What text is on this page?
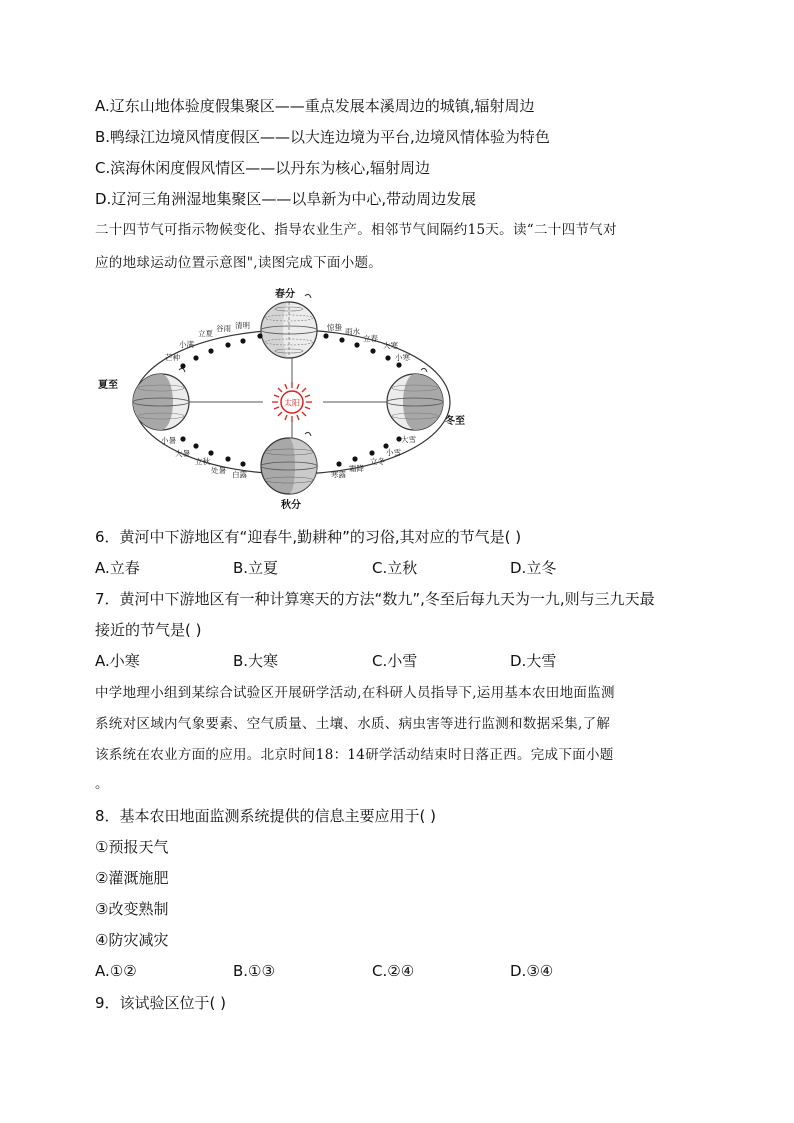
A.辽东山地体验度假集聚区——重点发展本溪周边的城镇,辐射周边
B.鸭绿江边境风情度假区——以大连边境为平台,边境风情体验为特色
C.滨海休闲度假风情区——以丹东为核心,辐射周边
D.辽河三角洲湿地集聚区——以阜新为中心,带动周边发展
二十四节气可指示物候变化、指导农业生产。相邻节气间隔约15天。读“二十四节气对
应的地球运动位置示意图",读图完成下面小题。
太阳
春分
夏至
冬至
秋分
立夏
谷雨 清明
小满
芒种
惊蛰 雨水
立春
大寒
小寒
小暑
大暑
立秋
处暑 白露
大雪
小雪
立冬
霜降
寒露
6．黄河中下游地区有“迎春牛,勤耕种”的习俗,其对应的节气是( )
A.立春	B.立夏	C.立秋	D.立冬
7．黄河中下游地区有一种计算寒天的方法“数九”,冬至后每九天为一九,则与三九天最
接近的节气是( )
A.小寒	B.大寒	C.小雪	D.大雪
中学地理小组到某综合试验区开展研学活动,在科研人员指导下,运用基本农田地面监测
系统对区域内气象要素、空气质量、土壤、水质、病虫害等进行监测和数据采集,了解
该系统在农业方面的应用。北京时间18：14研学活动结束时日落正西。完成下面小题
。
8．基本农田地面监测系统提供的信息主要应用于( )
①预报天气
②灌溉施肥
③改变熟制
④防灾减灾
A.①②	B.①③	C.②④	D.③④
9．该试验区位于( )
